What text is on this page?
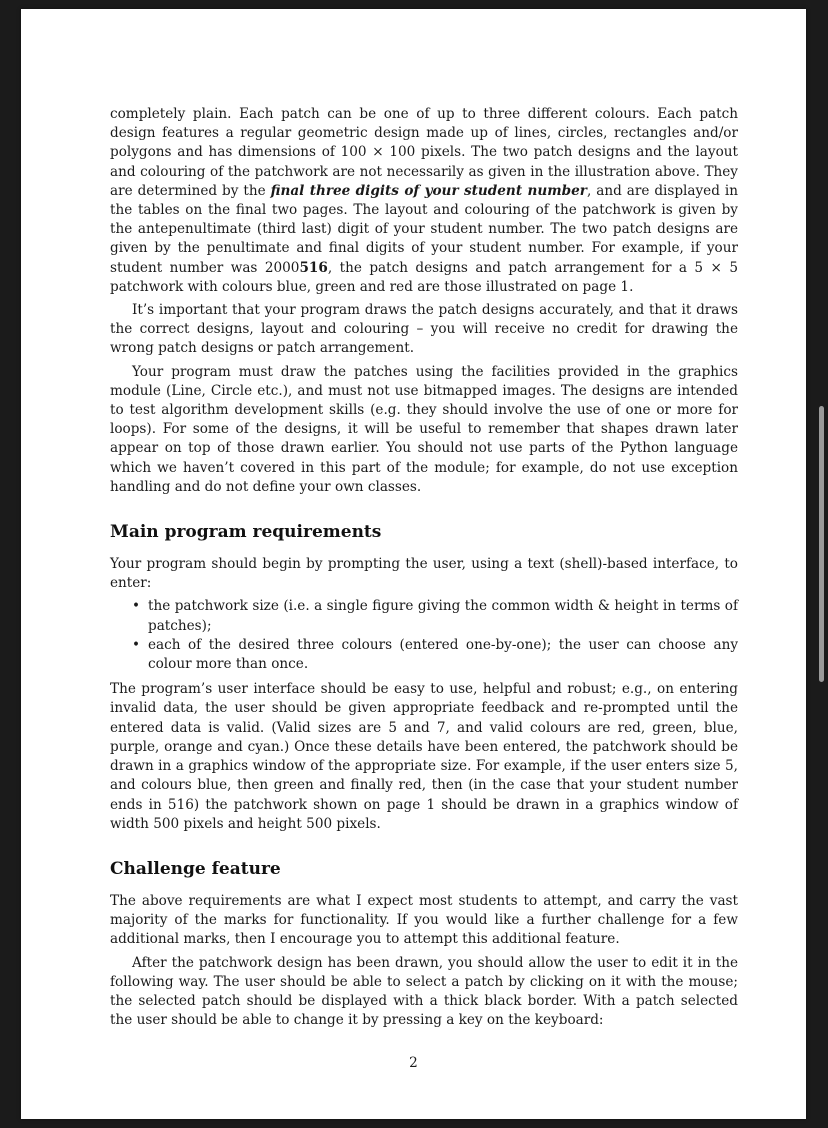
completely plain. Each patch can be one of up to three different colours. Each patch design features a regular geometric design made up of lines, circles, rectangles and/or polygons and has dimensions of 100 × 100 pixels. The two patch designs and the layout and colouring of the patchwork are not necessarily as given in the illustration above. They are determined by the final three digits of your student number, and are displayed in the tables on the final two pages. The layout and colouring of the patchwork is given by the antepenultimate (third last) digit of your student number. The two patch designs are given by the penultimate and final digits of your student number. For example, if your student number was 2000516, the patch designs and patch arrangement for a 5 × 5 patchwork with colours blue, green and red are those illustrated on page 1.

It’s important that your program draws the patch designs accurately, and that it draws the correct designs, layout and colouring – you will receive no credit for drawing the wrong patch designs or patch arrangement.

Your program must draw the patches using the facilities provided in the graphics module (Line, Circle etc.), and must not use bitmapped images. The designs are intended to test algorithm development skills (e.g. they should involve the use of one or more for loops). For some of the designs, it will be useful to remember that shapes drawn later appear on top of those drawn earlier. You should not use parts of the Python language which we haven’t covered in this part of the module; for example, do not use exception handling and do not define your own classes.

Main program requirements

Your program should begin by prompting the user, using a text (shell)-based interface, to enter:

• the patchwork size (i.e. a single figure giving the common width & height in terms of patches);
• each of the desired three colours (entered one-by-one); the user can choose any colour more than once.

The program’s user interface should be easy to use, helpful and robust; e.g., on entering invalid data, the user should be given appropriate feedback and re-prompted until the entered data is valid. (Valid sizes are 5 and 7, and valid colours are red, green, blue, purple, orange and cyan.) Once these details have been entered, the patchwork should be drawn in a graphics window of the appropriate size. For example, if the user enters size 5, and colours blue, then green and finally red, then (in the case that your student number ends in 516) the patchwork shown on page 1 should be drawn in a graphics window of width 500 pixels and height 500 pixels.

Challenge feature

The above requirements are what I expect most students to attempt, and carry the vast majority of the marks for functionality. If you would like a further challenge for a few additional marks, then I encourage you to attempt this additional feature.

After the patchwork design has been drawn, you should allow the user to edit it in the following way. The user should be able to select a patch by clicking on it with the mouse; the selected patch should be displayed with a thick black border. With a patch selected the user should be able to change it by pressing a key on the keyboard:

2
